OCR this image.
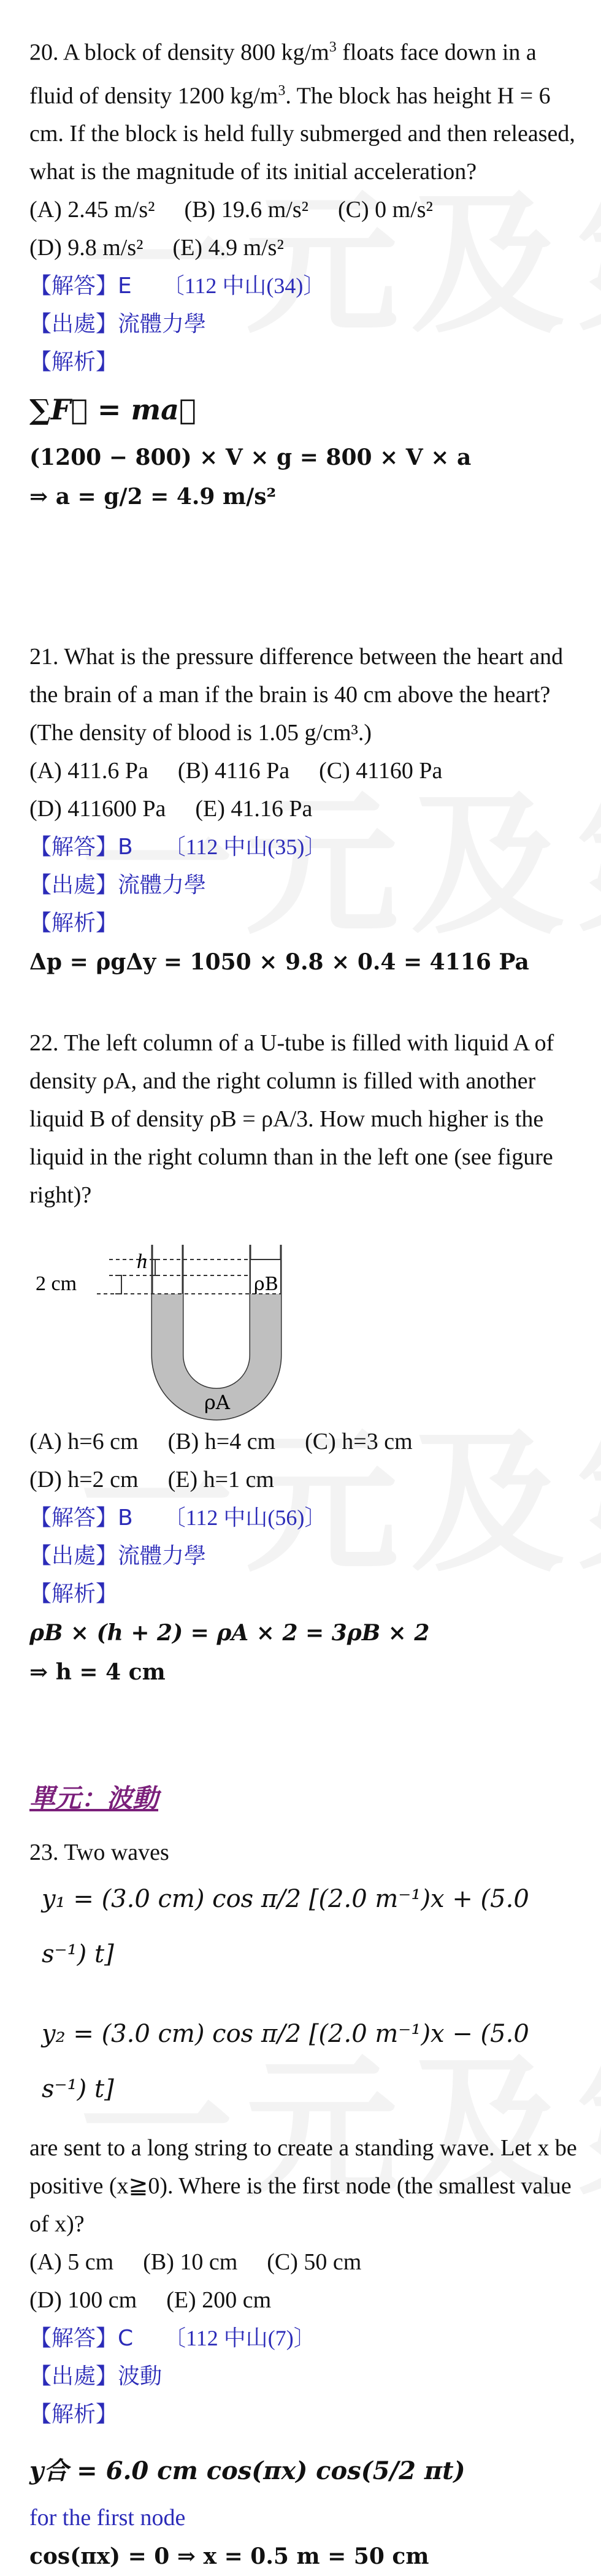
20. A block of density 800 $kg/m^3$ floats face down in a fluid of density 1200 $kg/m^3$. The block has height H = 6 cm. If the block is held fully submerged and then released, what is the magnitude of its initial acceleration?

(A) 2.45 m/s² (B) 19.6 m/s² (C) 0 m/s²
(D) 9.8 m/s² (E) 4.9 m/s²
【解答】E 〔112 中山(34)〕
【出處】流體力學
【解析】
∑F⃗ = ma⃗
(1200 − 800) × V × g = 800 × V × a
⇒ a = g/2 = 4.9 m/s²

21. What is the pressure difference between the heart and the brain of a man if the brain is 40 cm above the heart? (The density of blood is 1.05 g/cm³.)

(A) 411.6 Pa (B) 4116 Pa (C) 41160 Pa
(D) 411600 Pa (E) 41.16 Pa
【解答】B 〔112 中山(35)〕
【出處】流體力學
【解析】
Δp = ρgΔy = 1050 × 9.8 × 0.4 = 4116 Pa

22. The left column of a U-tube is filled with liquid A of density ρA, and the right column is filled with another liquid B of density ρB = ρA/3. How much higher is the liquid in the right column than in the left one (see figure right)?

h
2 cm	ρB
ρA
(A) h=6 cm (B) h=4 cm (C) h=3 cm
(D) h=2 cm (E) h=1 cm
【解答】B 〔112 中山(56)〕
【出處】流體力學
【解析】
ρB × (h + 2) = ρA × 2 = 3ρB × 2
⇒ h = 4 cm
單元：波動

23. Two waves

y₁ = (3.0 cm) cos π/2 [(2.0 m⁻¹)x + (5.0 s⁻¹) t]
y₂ = (3.0 cm) cos π/2 [(2.0 m⁻¹)x − (5.0 s⁻¹) t]

are sent to a long string to create a standing wave. Let x be positive (x≧0). Where is the first node (the smallest value of x)?

(A) 5 cm (B) 10 cm (C) 50 cm
(D) 100 cm (E) 200 cm
【解答】C 〔112 中山(7)〕
【出處】波動
【解析】
y合 = 6.0 cm cos(πx) cos(5/2 πt)
for the first node
cos(πx) = 0 ⇒ x = 0.5 m = 50 cm
